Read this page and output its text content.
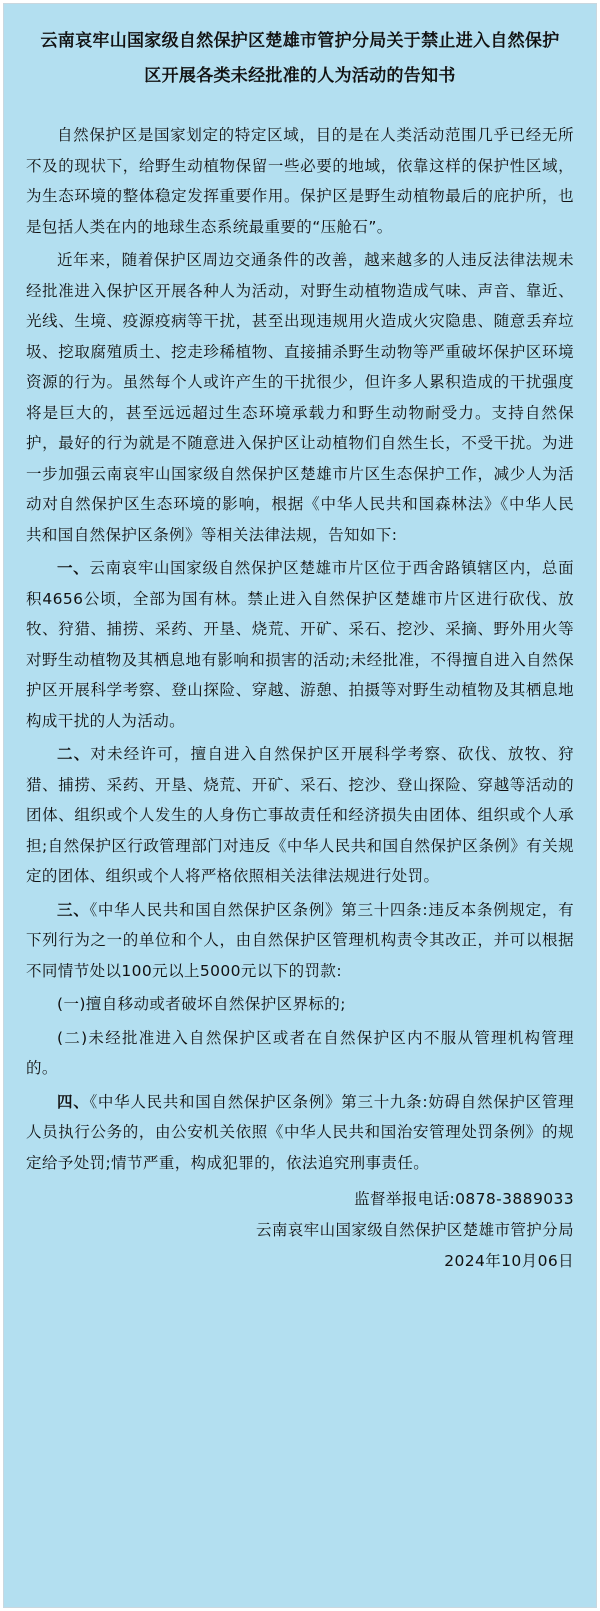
云南哀牢山国家级自然保护区楚雄市管护分局关于禁止进入自然保护区开展各类未经批准的人为活动的告知书

自然保护区是国家划定的特定区域，目的是在人类活动范围几乎已经无所不及的现状下，给野生动植物保留一些必要的地域，依靠这样的保护性区域，为生态环境的整体稳定发挥重要作用。保护区是野生动植物最后的庇护所，也是包括人类在内的地球生态系统最重要的“压舱石”。

近年来，随着保护区周边交通条件的改善，越来越多的人违反法律法规未经批准进入保护区开展各种人为活动，对野生动植物造成气味、声音、靠近、光线、生境、疫源疫病等干扰，甚至出现违规用火造成火灾隐患、随意丢弃垃圾、挖取腐殖质土、挖走珍稀植物、直接捕杀野生动物等严重破坏保护区环境资源的行为。虽然每个人或许产生的干扰很少，但许多人累积造成的干扰强度将是巨大的，甚至远远超过生态环境承载力和野生动物耐受力。支持自然保护，最好的行为就是不随意进入保护区让动植物们自然生长，不受干扰。为进一步加强云南哀牢山国家级自然保护区楚雄市片区生态保护工作，减少人为活动对自然保护区生态环境的影响，根据《中华人民共和国森林法》《中华人民共和国自然保护区条例》等相关法律法规，告知如下:

一、云南哀牢山国家级自然保护区楚雄市片区位于西舍路镇辖区内，总面积4656公顷，全部为国有林。禁止进入自然保护区楚雄市片区进行砍伐、放牧、狩猎、捕捞、采药、开垦、烧荒、开矿、采石、挖沙、采摘、野外用火等对野生动植物及其栖息地有影响和损害的活动;未经批准，不得擅自进入自然保护区开展科学考察、登山探险、穿越、游憩、拍摄等对野生动植物及其栖息地构成干扰的人为活动。

二、对未经许可，擅自进入自然保护区开展科学考察、砍伐、放牧、狩猎、捕捞、采药、开垦、烧荒、开矿、采石、挖沙、登山探险、穿越等活动的团体、组织或个人发生的人身伤亡事故责任和经济损失由团体、组织或个人承担;自然保护区行政管理部门对违反《中华人民共和国自然保护区条例》有关规定的团体、组织或个人将严格依照相关法律法规进行处罚。

三、《中华人民共和国自然保护区条例》第三十四条:违反本条例规定，有下列行为之一的单位和个人，由自然保护区管理机构责令其改正，并可以根据不同情节处以100元以上5000元以下的罚款:

(一)擅自移动或者破坏自然保护区界标的;

(二)未经批准进入自然保护区或者在自然保护区内不服从管理机构管理的。

四、《中华人民共和国自然保护区条例》第三十九条:妨碍自然保护区管理人员执行公务的，由公安机关依照《中华人民共和国治安管理处罚条例》的规定给予处罚;情节严重，构成犯罪的，依法追究刑事责任。

监督举报电话:0878-3889033

云南哀牢山国家级自然保护区楚雄市管护分局

2024年10月06日
